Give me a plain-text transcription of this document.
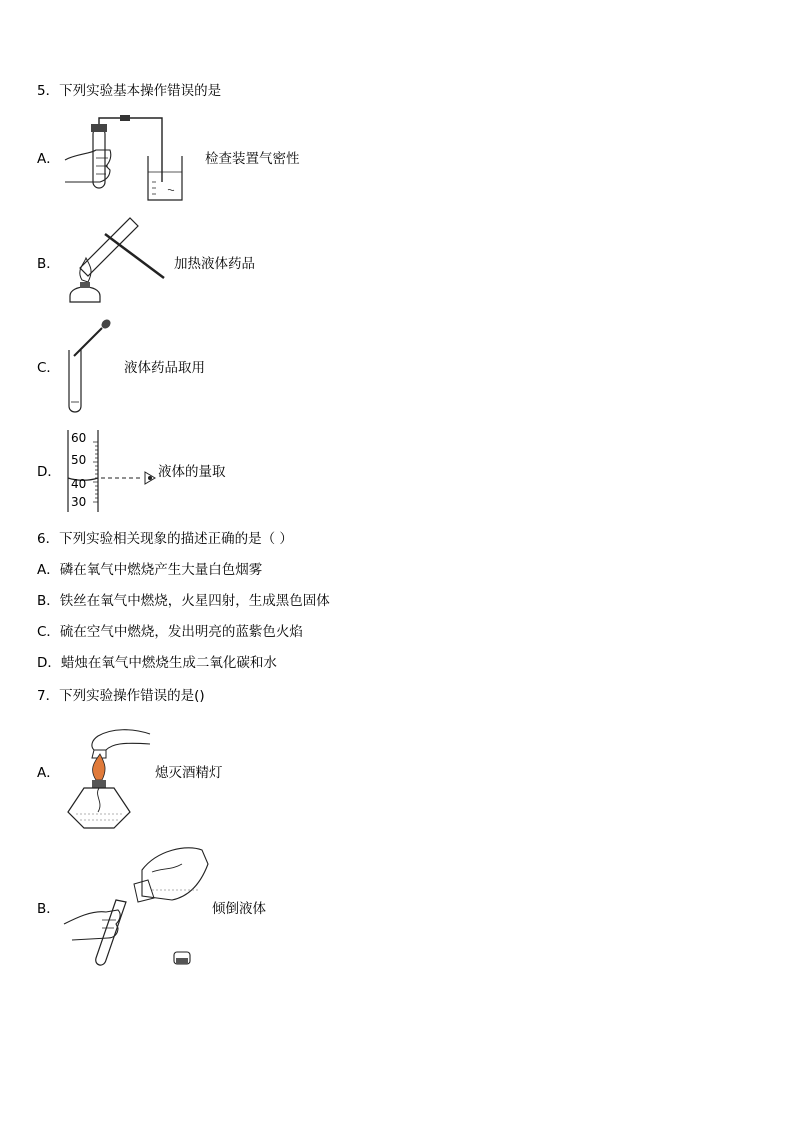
5．下列实验基本操作错误的是
A．	检查装置气密性
B．	加热液体药品
C．	液体药品取用
D．
60
50
40
30
液体的量取
6．下列实验相关现象的描述正确的是（ ）
A．磷在氧气中燃烧产生大量白色烟雾
B．铁丝在氧气中燃烧，火星四射，生成黑色固体
C．硫在空气中燃烧，发出明亮的蓝紫色火焰
D．蜡烛在氧气中燃烧生成二氧化碳和水
7．下列实验操作错误的是()
A．	熄灭酒精灯
B．	倾倒液体
